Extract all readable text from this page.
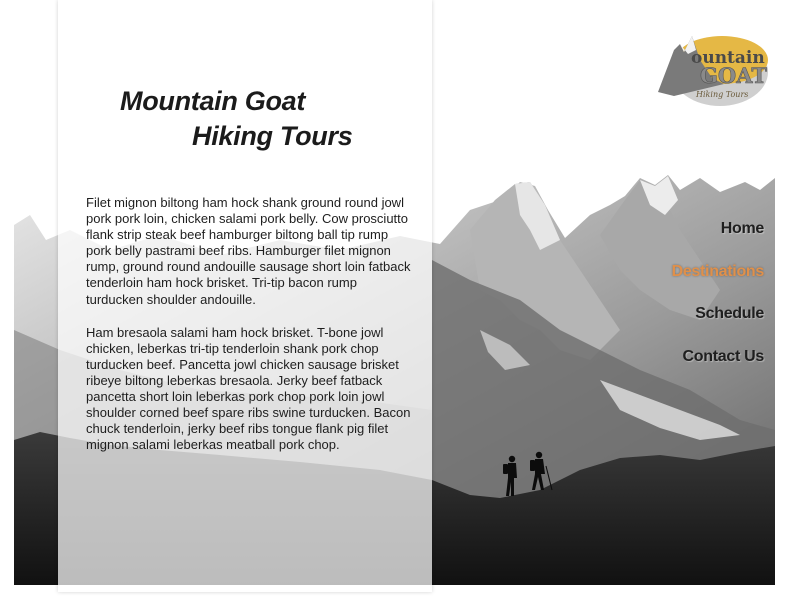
Mountain Goat
Hiking Tours

Filet mignon biltong ham hock shank ground round jowl pork pork loin, chicken salami pork belly. Cow prosciutto flank strip steak beef hamburger biltong ball tip rump pork belly pastrami beef ribs. Hamburger filet mignon rump, ground round andouille sausage short loin fatback tenderloin ham hock brisket. Tri-tip bacon rump turducken shoulder andouille.

Ham bresaola salami ham hock brisket. T-bone jowl chicken, leberkas tri-tip tenderloin shank pork chop turducken beef. Pancetta jowl chicken sausage brisket ribeye biltong leberkas bresaola. Jerky beef fatback pancetta short loin leberkas pork chop pork loin jowl shoulder corned beef spare ribs swine turducken. Bacon chuck tenderloin, jerky beef ribs tongue flank pig filet mignon salami leberkas meatball pork chop.

ountain
GOAT
Hiking Tours
Home
Destinations
Schedule
Contact Us
